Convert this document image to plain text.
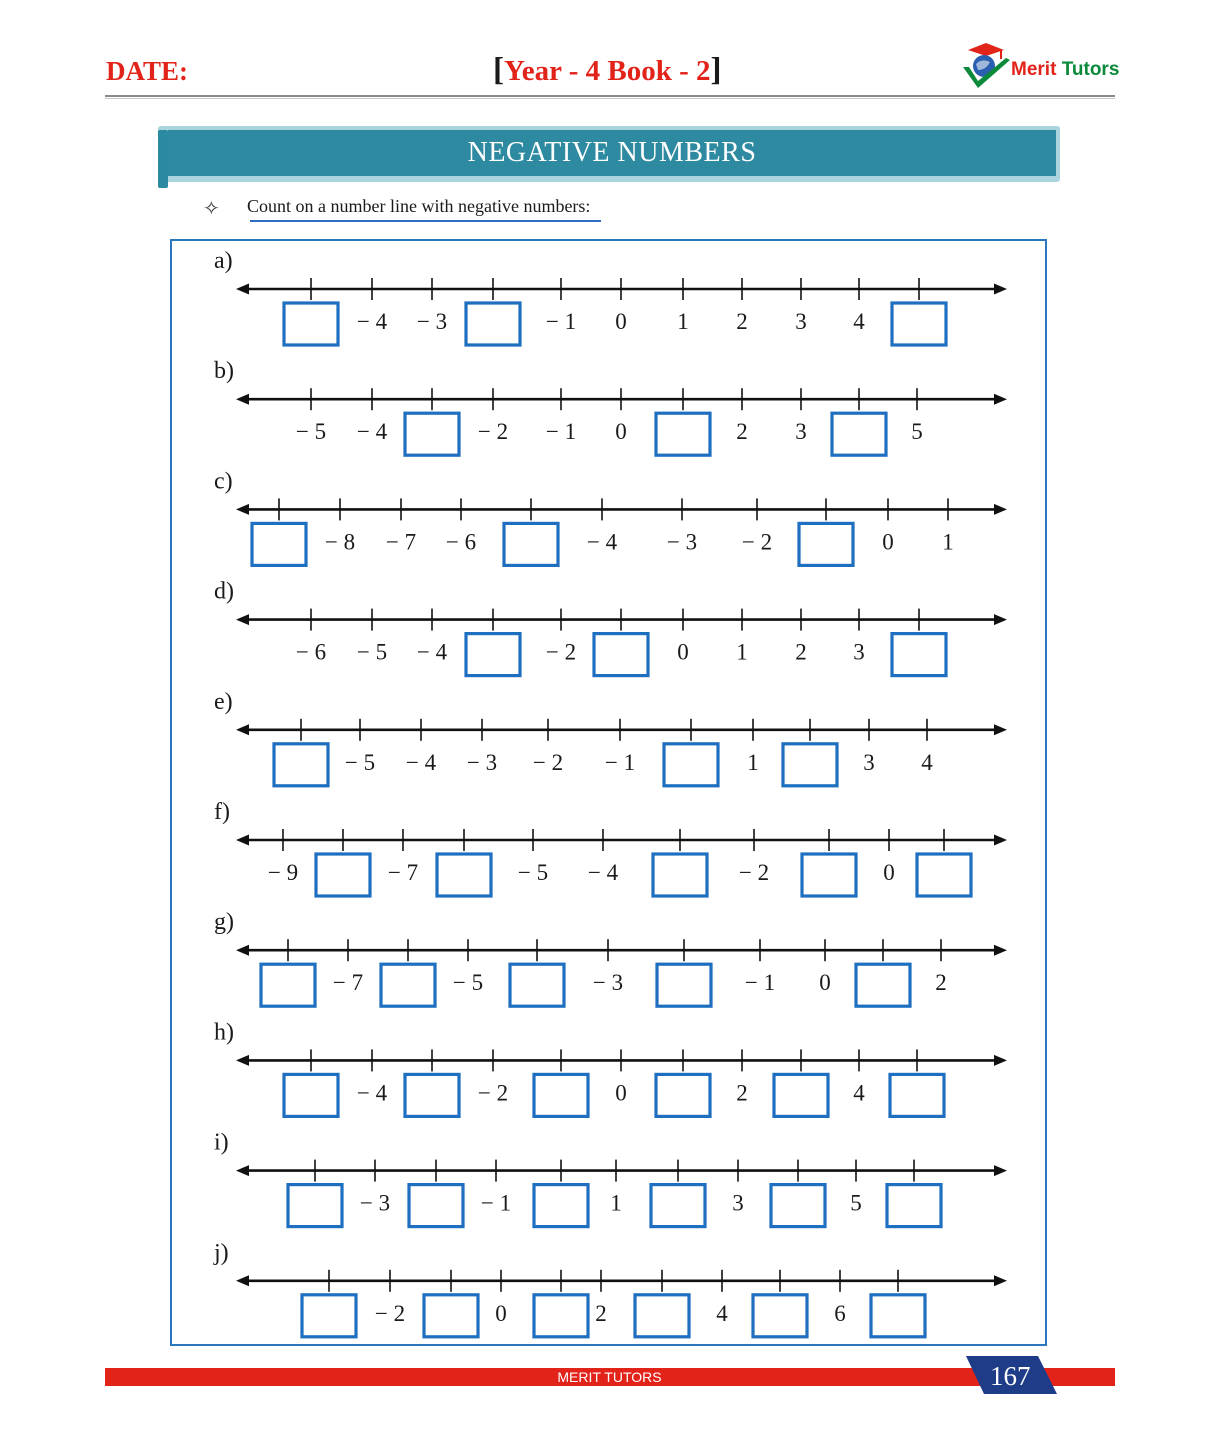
DATE:	[Year - 4 Book - 2]	Merit Tutors
NEGATIVE NUMBERS
✧ Count on a number line with negative numbers:
a)
− 4 − 3	− 1 0 1 2 3 4
b)
− 5 − 4	− 2 − 1 0	2 3	5
c)
− 8 − 7 − 6	− 4 − 3 − 2	0 1
d)
− 6 − 5 − 4	− 2	0 1 2 3
e)
− 5 − 4 − 3 − 2 − 1	1	3 4
f)
− 9	− 7	− 5 − 4	− 2	0
g)
− 7	− 5	− 3	− 1 0	2
h)
− 4	− 2	0	2	4
i)
− 3	− 1	1	3	5
j)
− 2	0	2	4	6
MERIT TUTORS	167
